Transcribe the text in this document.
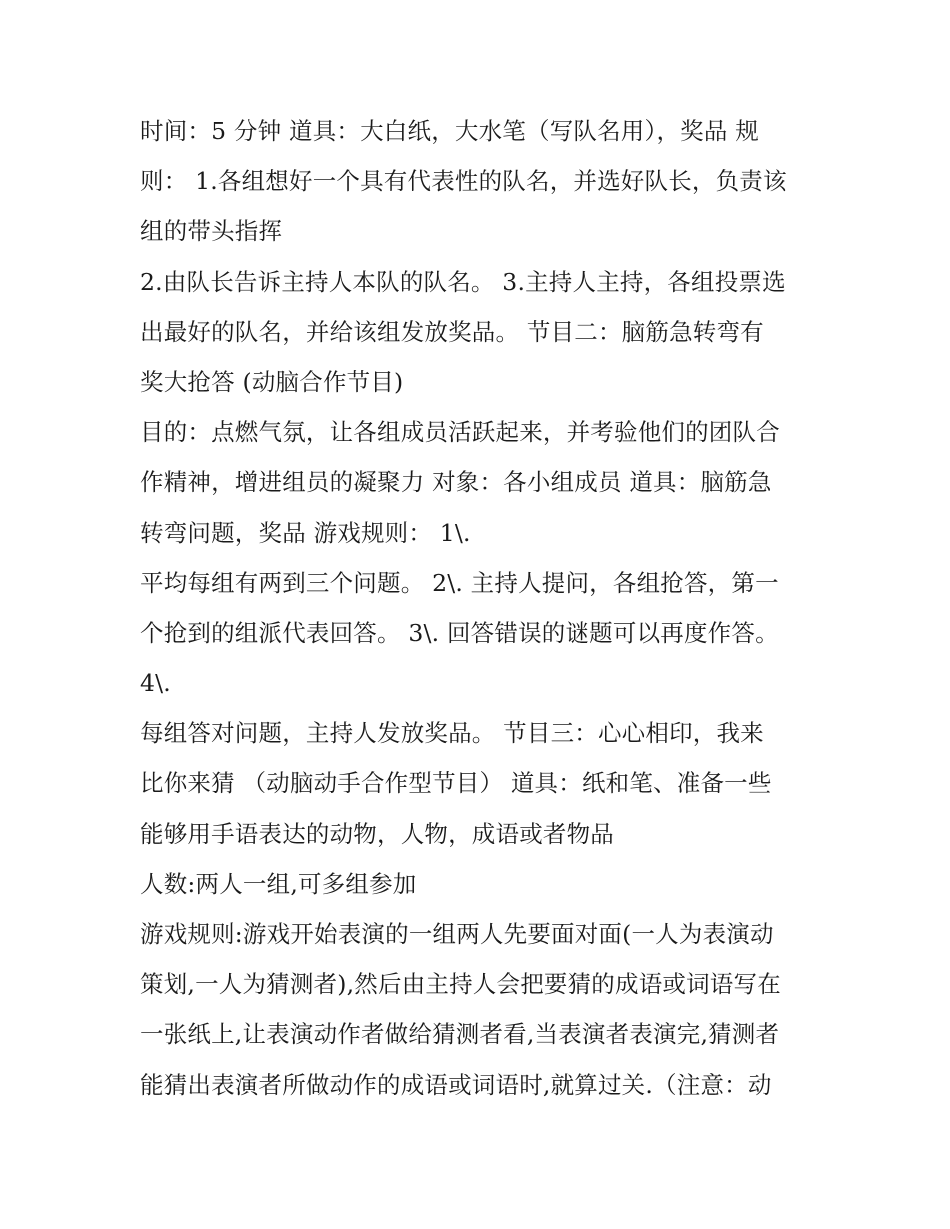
时间：5 分钟 道具：大白纸，大水笔（写队名用），奖品 规
则： 1.各组想好一个具有代表性的队名，并选好队长，负责该
组的带头指挥
2.由队长告诉主持人本队的队名。 3.主持人主持，各组投票选
出最好的队名，并给该组发放奖品。 节目二：脑筋急转弯有
奖大抢答 (动脑合作节目)
目的：点燃气氛，让各组成员活跃起来，并考验他们的团队合
作精神，增进组员的凝聚力 对象：各小组成员 道具：脑筋急
转弯问题，奖品 游戏规则： 1\.
平均每组有两到三个问题。 2\. 主持人提问，各组抢答，第一
个抢到的组派代表回答。 3\. 回答错误的谜题可以再度作答。
4\.
每组答对问题，主持人发放奖品。 节目三：心心相印，我来
比你来猜 （动脑动手合作型节目） 道具：纸和笔、准备一些
能够用手语表达的动物，人物，成语或者物品
人数:两人一组,可多组参加
游戏规则:游戏开始表演的一组两人先要面对面(一人为表演动
策划,一人为猜测者),然后由主持人会把要猜的成语或词语写在
一张纸上,让表演动作者做给猜测者看,当表演者表演完,猜测者
能猜出表演者所做动作的成语或词语时,就算过关.（注意：动
